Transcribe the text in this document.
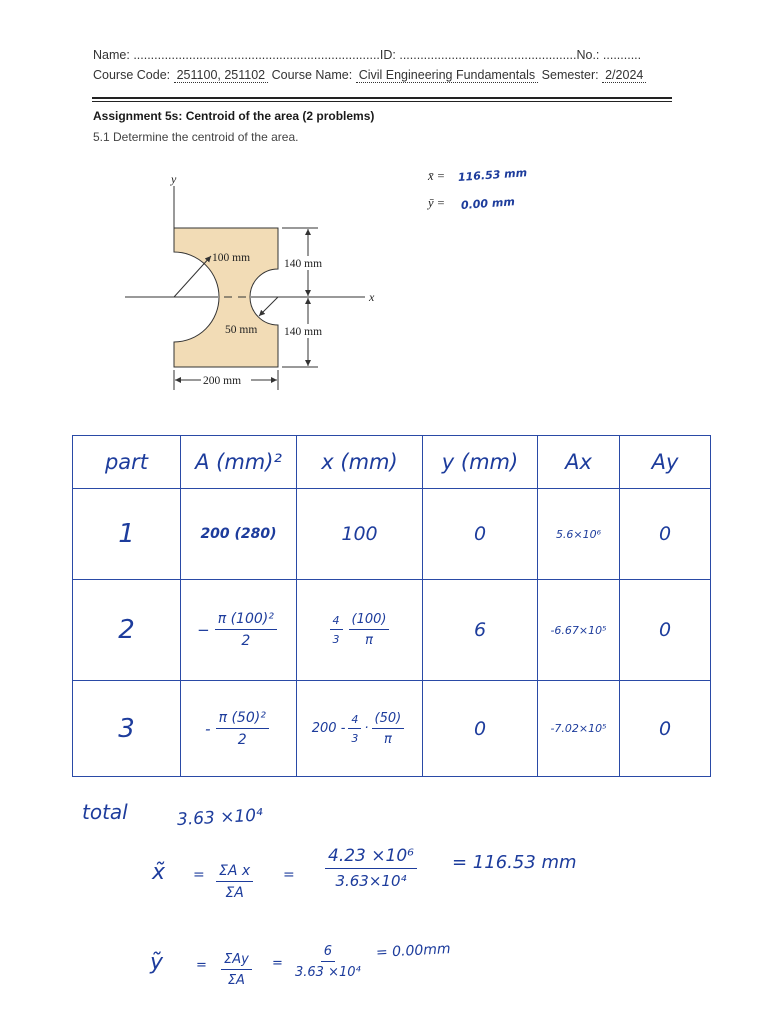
Name: .......................................................................ID: ...................................................No.: ...........
Course Code: 251100, 251102 Course Name: Civil Engineering Fundamentals Semester: 2/2024
Assignment 5s: Centroid of the area (2 problems)
5.1 Determine the centroid of the area.
y
x
100 mm
50 mm
140 mm
140 mm
200 mm
x̄ = 116.53 mm
ȳ = 0.00 mm
part	A (mm)²	x (mm)	y (mm)	Ax	Ay
1	200 (280)	100	0	5.6×10⁶	0
2	− $\frac{\text{π (100)²}}{2}$	$\frac{4}{3} \frac{(100)}{\pi}$	6	-6.67×10⁵	0
3	- $\frac{\text{π (50)²}}{2}$	$200 - \frac{4}{3} \cdot \frac{(50)}{\pi}$	0	-7.02×10⁵	0
total	3.63 ×10⁴
x̃ = $\frac{\text{ΣA x}}{\Sigma A} = \frac{\text{4.23 ×10⁶}}{\text{3.63×10⁴}} = 116.53$ mm
ỹ	= $\frac{\text{ΣAy}}{\Sigma A} = \frac{6}{\text{3.63 ×10⁴}} = 0.00mm$
